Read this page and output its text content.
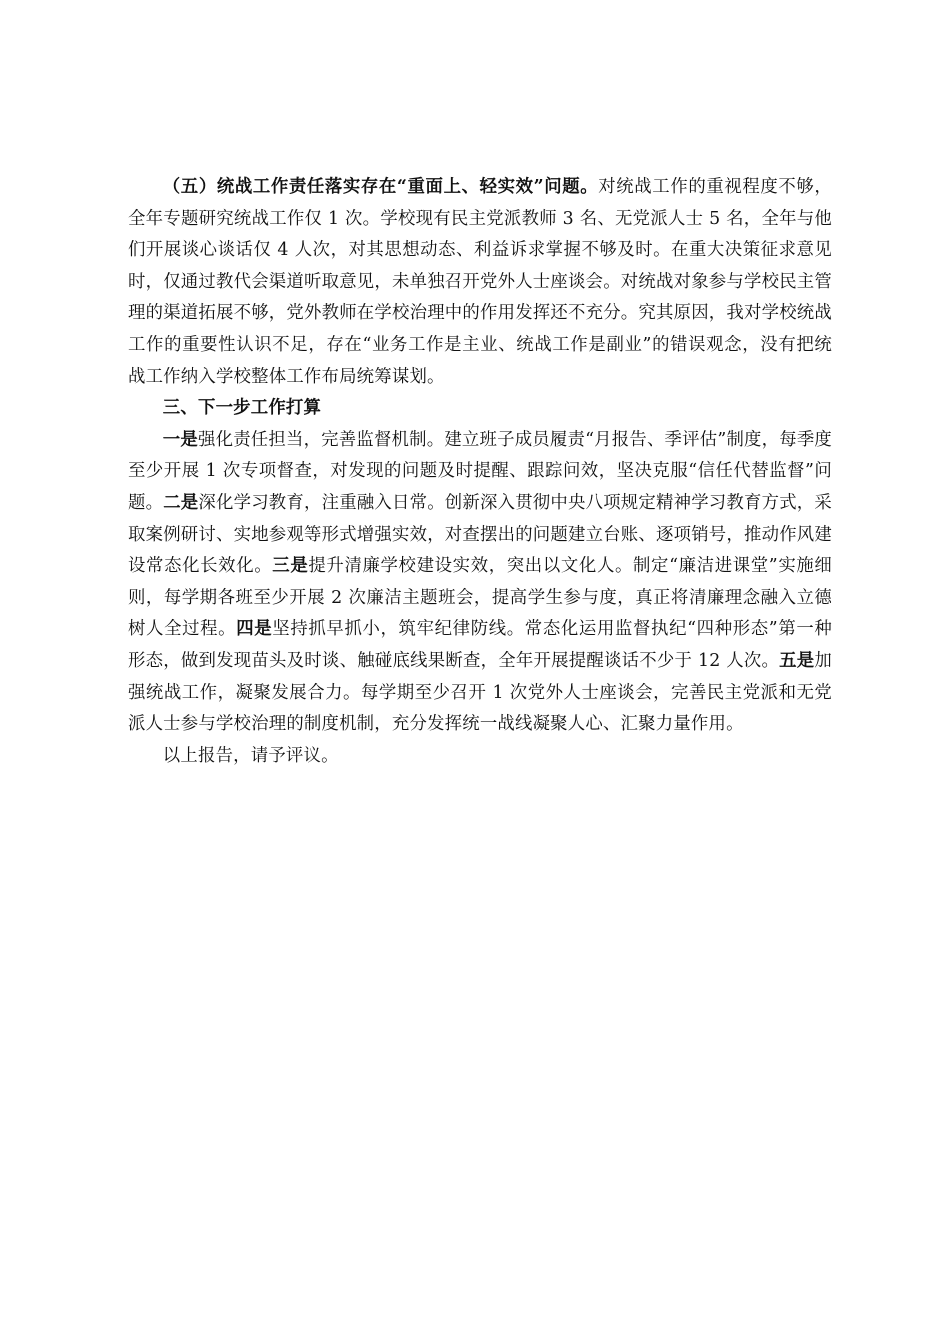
（五）统战工作责任落实存在“重面上、轻实效”问题。对统战工作的重视程度不够，全年专题研究统战工作仅 1 次。学校现有民主党派教师 3 名、无党派人士 5 名，全年与他们开展谈心谈话仅 4 人次，对其思想动态、利益诉求掌握不够及时。在重大决策征求意见时，仅通过教代会渠道听取意见，未单独召开党外人士座谈会。对统战对象参与学校民主管理的渠道拓展不够，党外教师在学校治理中的作用发挥还不充分。究其原因，我对学校统战工作的重要性认识不足，存在“业务工作是主业、统战工作是副业”的错误观念，没有把统战工作纳入学校整体工作布局统筹谋划。

三、下一步工作打算

一是强化责任担当，完善监督机制。建立班子成员履责“月报告、季评估”制度，每季度至少开展 1 次专项督查，对发现的问题及时提醒、跟踪问效，坚决克服“信任代替监督”问题。二是深化学习教育，注重融入日常。创新深入贯彻中央八项规定精神学习教育方式，采取案例研讨、实地参观等形式增强实效，对查摆出的问题建立台账、逐项销号，推动作风建设常态化长效化。三是提升清廉学校建设实效，突出以文化人。制定“廉洁进课堂”实施细则，每学期各班至少开展 2 次廉洁主题班会，提高学生参与度，真正将清廉理念融入立德树人全过程。四是坚持抓早抓小，筑牢纪律防线。常态化运用监督执纪“四种形态”第一种形态，做到发现苗头及时谈、触碰底线果断查，全年开展提醒谈话不少于 12 人次。五是加强统战工作，凝聚发展合力。每学期至少召开 1 次党外人士座谈会，完善民主党派和无党派人士参与学校治理的制度机制，充分发挥统一战线凝聚人心、汇聚力量作用。

以上报告，请予评议。
